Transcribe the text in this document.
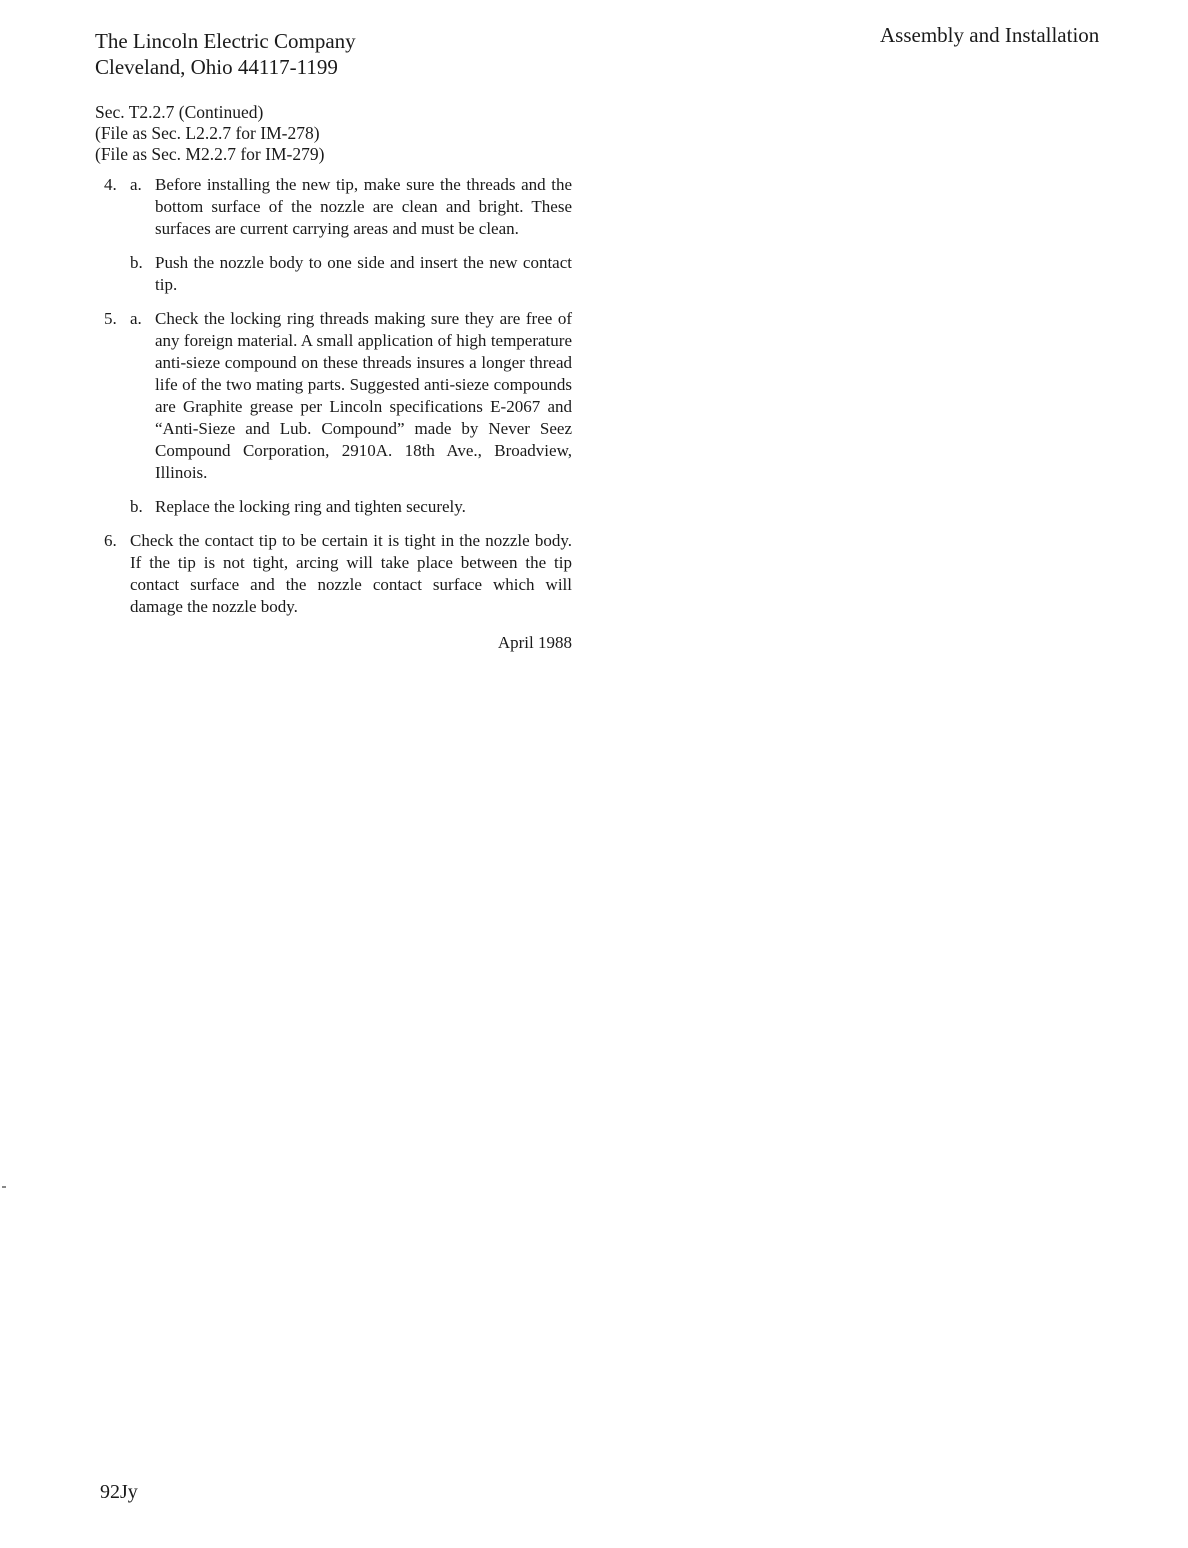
The Lincoln Electric Company
Cleveland, Ohio 44117-1199
Assembly and Installation
Sec. T2.2.7 (Continued)
(File as Sec. L2.2.7 for IM-278)
(File as Sec. M2.2.7 for IM-279)
4. a. Before installing the new tip, make sure the threads and the bottom surface of the nozzle are clean and bright. These surfaces are current carrying areas and must be clean.
b. Push the nozzle body to one side and insert the new contact tip.
5. a. Check the locking ring threads making sure they are free of any foreign material. A small application of high temperature anti-sieze compound on these threads insures a longer thread life of the two mating parts. Suggested anti-sieze compounds are Graphite grease per Lincoln specifications E-2067 and “Anti-Sieze and Lub. Compound” made by Never Seez Compound Corporation, 2910A. 18th Ave., Broadview, Illinois.
b. Replace the locking ring and tighten securely.
6. Check the contact tip to be certain it is tight in the nozzle body. If the tip is not tight, arcing will take place between the tip contact surface and the nozzle contact surface which will damage the nozzle body.
April 1988
92Jy
